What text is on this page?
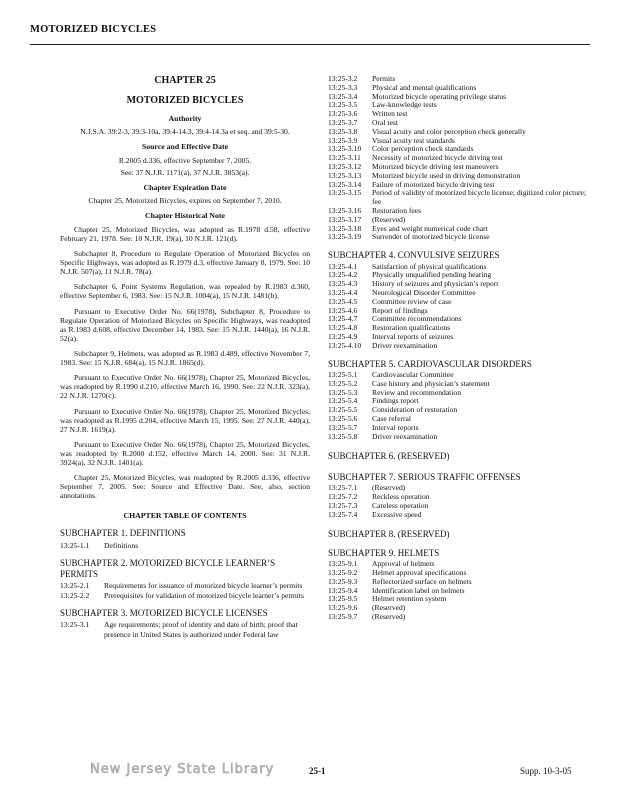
MOTORIZED BICYCLES
CHAPTER 25
MOTORIZED BICYCLES
Authority
N.J.S.A. 39:2-3, 39:3-10a, 39:4-14.3, 39:4-14.3a et seq. and 39:5-30.
Source and Effective Date
R.2005 d.336, effective September 7, 2005.
See: 37 N.J.R. 1171(a), 37 N.J.R. 3853(a).
Chapter Expiration Date
Chapter 25, Motorized Bicycles, expires on September 7, 2010.
Chapter Historical Note
Chapter 25, Motorized Bicycles, was adopted as R.1978 d.58, effective February 21, 1978. See: 10 N.J.R. 19(a), 10 N.J.R. 121(d).
Subchapter 8, Procedure to Regulate Operation of Motorized Bicycles on Specific Highways, was adopted as R.1979 d.3, effective January 8, 1979. See: 10 N.J.R. 507(a), 11 N.J.R. 78(a).
Subchapter 6, Point Systems Regulation, was repealed by R.1983 d.360, effective September 6, 1983. See: 15 N.J.R. 1004(a), 15 N.J.R. 1481(b).
Pursuant to Executive Order No. 66(1978), Subchapter 8, Procedure to Regulate Operation of Motorized Bicycles on Specific Highways, was readopted as R.1983 d.608, effective December 14, 1983. See: 15 N.J.R. 1440(a), 16 N.J.R. 52(a).
Subchapter 9, Helmets, was adopted as R.1983 d.489, effective November 7, 1983. See: 15 N.J.R. 684(a), 15 N.J.R. 1865(d).
Pursuant to Executive Order No. 66(1978), Chapter 25, Motorized Bicycles, was readopted by R.1990 d.210, effective March 16, 1990. See: 22 N.J.R. 323(a), 22 N.J.R. 1270(c).
Pursuant to Executive Order No. 66(1978), Chapter 25, Motorized Bicycles, was readopted as R.1995 d.204, effective March 15, 1995. See: 27 N.J.R. 440(a), 27 N.J.R. 1619(a).
Pursuant to Executive Order No. 66(1978), Chapter 25, Motorized Bicycles, was readopted by R.2000 d.152, effective March 14, 2000. See: 31 N.J.R. 3924(a), 32 N.J.R. 1401(a).
Chapter 25, Motorized Bicycles, was readopted by R.2005 d.336, effective September 7, 2005. See: Source and Effective Date. See, also, section annotations.
CHAPTER TABLE OF CONTENTS
SUBCHAPTER 1. DEFINITIONS
13:25-1.1	Definitions
SUBCHAPTER 2. MOTORIZED BICYCLE LEARNER’S PERMITS
13:25-2.1	Requirements for issuance of motorized bicycle learner’s permits
13:25-2.2	Prerequisites for validation of motorized bicycle learner’s permits
SUBCHAPTER 3. MOTORIZED BICYCLE LICENSES
13:25-3.1	Age requirements; proof of identity and date of birth; proof that presence in United States is authorized under Federal law
13:25-3.2	Permits
13:25-3.3	Physical and mental qualifications
13:25-3.4	Motorized bicycle operating privilege status
13:25-3.5	Law-knowledge tests
13:25-3.6	Written test
13:25-3.7	Oral test
13:25-3.8	Visual acuity and color perception check generally
13:25-3.9	Visual acuity test standards
13:25-3.10	Color perception check standards
13:25-3.11	Necessity of motorized bicycle driving test
13:25-3.12	Motorized bicycle driving test maneuvers
13:25-3.13	Motorized bicycle used in driving demonstration
13:25-3.14	Failure of motorized bicycle driving test
13:25-3.15	Period of validity of motorized bicycle license; digitized color picture; fee
13:25-3.16	Restoration fees
13:25-3.17	(Reserved)
13:25-3.18	Eyes and weight numerical code chart
13:25-3.19	Surrender of motorized bicycle license
SUBCHAPTER 4. CONVULSIVE SEIZURES
13:25-4.1	Satisfaction of physical qualifications
13:25-4.2	Physically unqualified pending hearing
13:25-4.3	History of seizures and physician’s report
13:25-4.4	Neurological Disorder Committee
13:25-4.5	Committee review of case
13:25-4.6	Report of findings
13:25-4.7	Committee recommendations
13:25-4.8	Restoration qualifications
13:25-4.9	Interval reports of seizures
13:25-4.10	Driver reexamination
SUBCHAPTER 5. CARDIOVASCULAR DISORDERS
13:25-5.1	Cardiovascular Committee
13:25-5.2	Case history and physician’s statement
13:25-5.3	Review and recommendation
13:25-5.4	Findings report
13:25-5.5	Consideration of restoration
13:25-5.6	Case referral
13:25-5.7	Interval reports
13:25-5.8	Driver reexamination
SUBCHAPTER 6. (RESERVED)
SUBCHAPTER 7. SERIOUS TRAFFIC OFFENSES
13:25-7.1	(Reserved)
13:25-7.2	Reckless operation
13:25-7.3	Careless operation
13:25-7.4	Excessive speed
SUBCHAPTER 8. (RESERVED)
SUBCHAPTER 9. HELMETS
13:25-9.1	Approval of helmets
13:25-9.2	Helmet approval specifications
13:25-9.3	Reflectorized surface on helmets
13:25-9.4	Identification label on helmets
13:25-9.5	Helmet retention system
13:25-9.6	(Reserved)
13:25-9.7	(Reserved)
New Jersey State Library	25-1	Supp. 10-3-05
